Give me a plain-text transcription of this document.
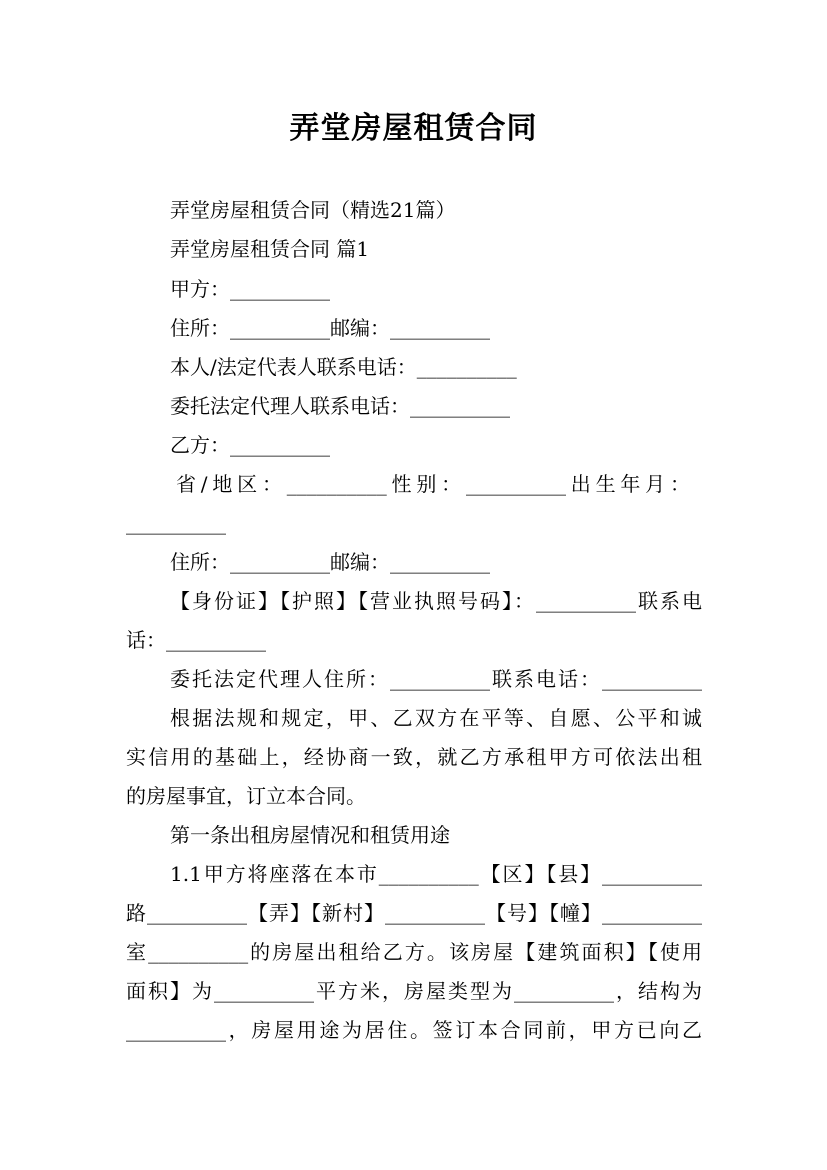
弄堂房屋租赁合同
弄堂房屋租赁合同（精选21篇）
弄堂房屋租赁合同 篇1
甲方：__________
住所：__________邮编：__________
本人/法定代表人联系电话：__________
委托法定代理人联系电话：__________
乙方：__________
省/地区：__________性别：__________出生年月：
__________
住所：__________邮编：__________
【身份证】【护照】【营业执照号码】：__________联系电
话：__________
委托法定代理人住所：__________联系电话：__________
根据法规和规定，甲、乙双方在平等、自愿、公平和诚
实信用的基础上，经协商一致，就乙方承租甲方可依法出租
的房屋事宜，订立本合同。
第一条出租房屋情况和租赁用途
1.1甲方将座落在本市__________【区】【县】__________
路__________【弄】【新村】__________【号】【幢】__________
室__________的房屋出租给乙方。该房屋【建筑面积】【使用
面积】为__________平方米，房屋类型为__________，结构为
__________，房屋用途为居住。签订本合同前，甲方已向乙
